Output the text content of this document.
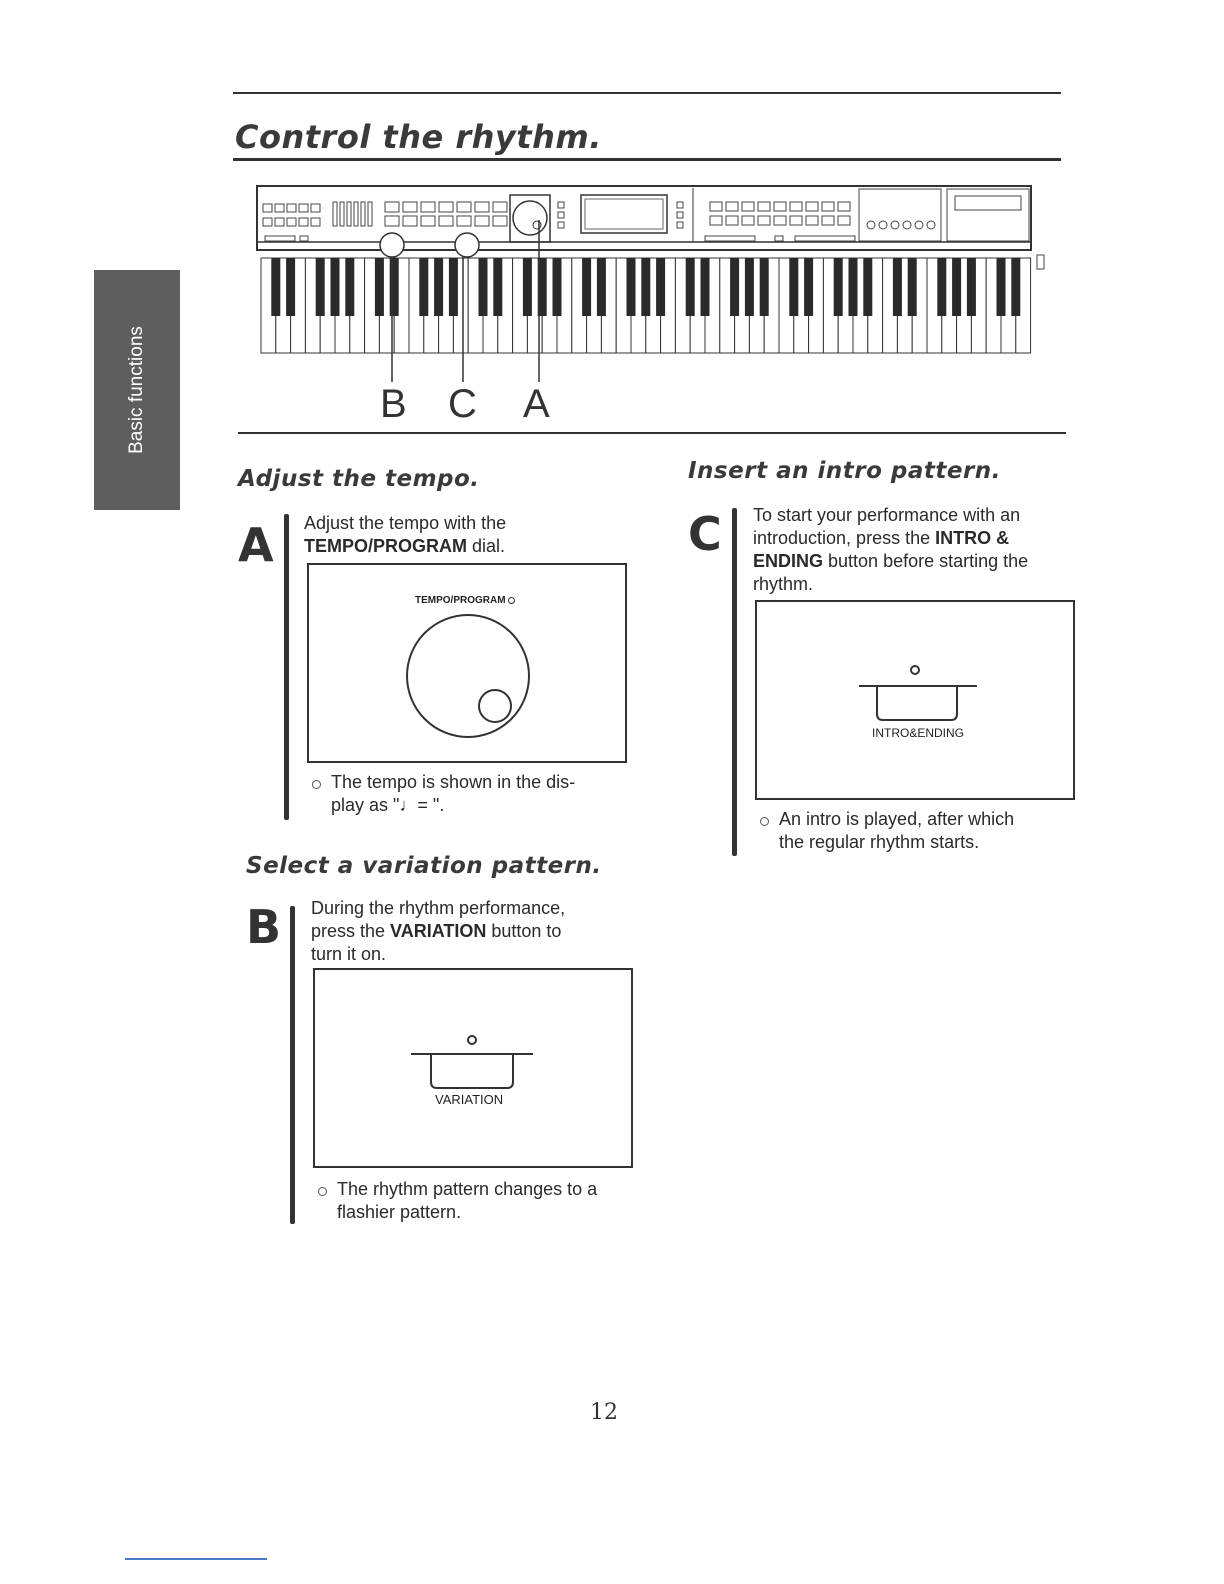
Control the rhythm.
Basic functions	B C A
Adjust the tempo.
A Adjust the tempo with the
TEMPO/PROGRAM dial.
TEMPO/PROGRAM
The tempo is shown in the dis-
play as "♩= ".
Select a variation pattern.
B During the rhythm performance,
press the VARIATION button to
turn it on.
VARIATION
The rhythm pattern changes to a
flashier pattern.
Insert an intro pattern.
C To start your performance with an
introduction, press the INTRO &
ENDING button before starting the
rhythm.
INTRO&ENDING
An intro is played, after which
the regular rhythm starts.
12
